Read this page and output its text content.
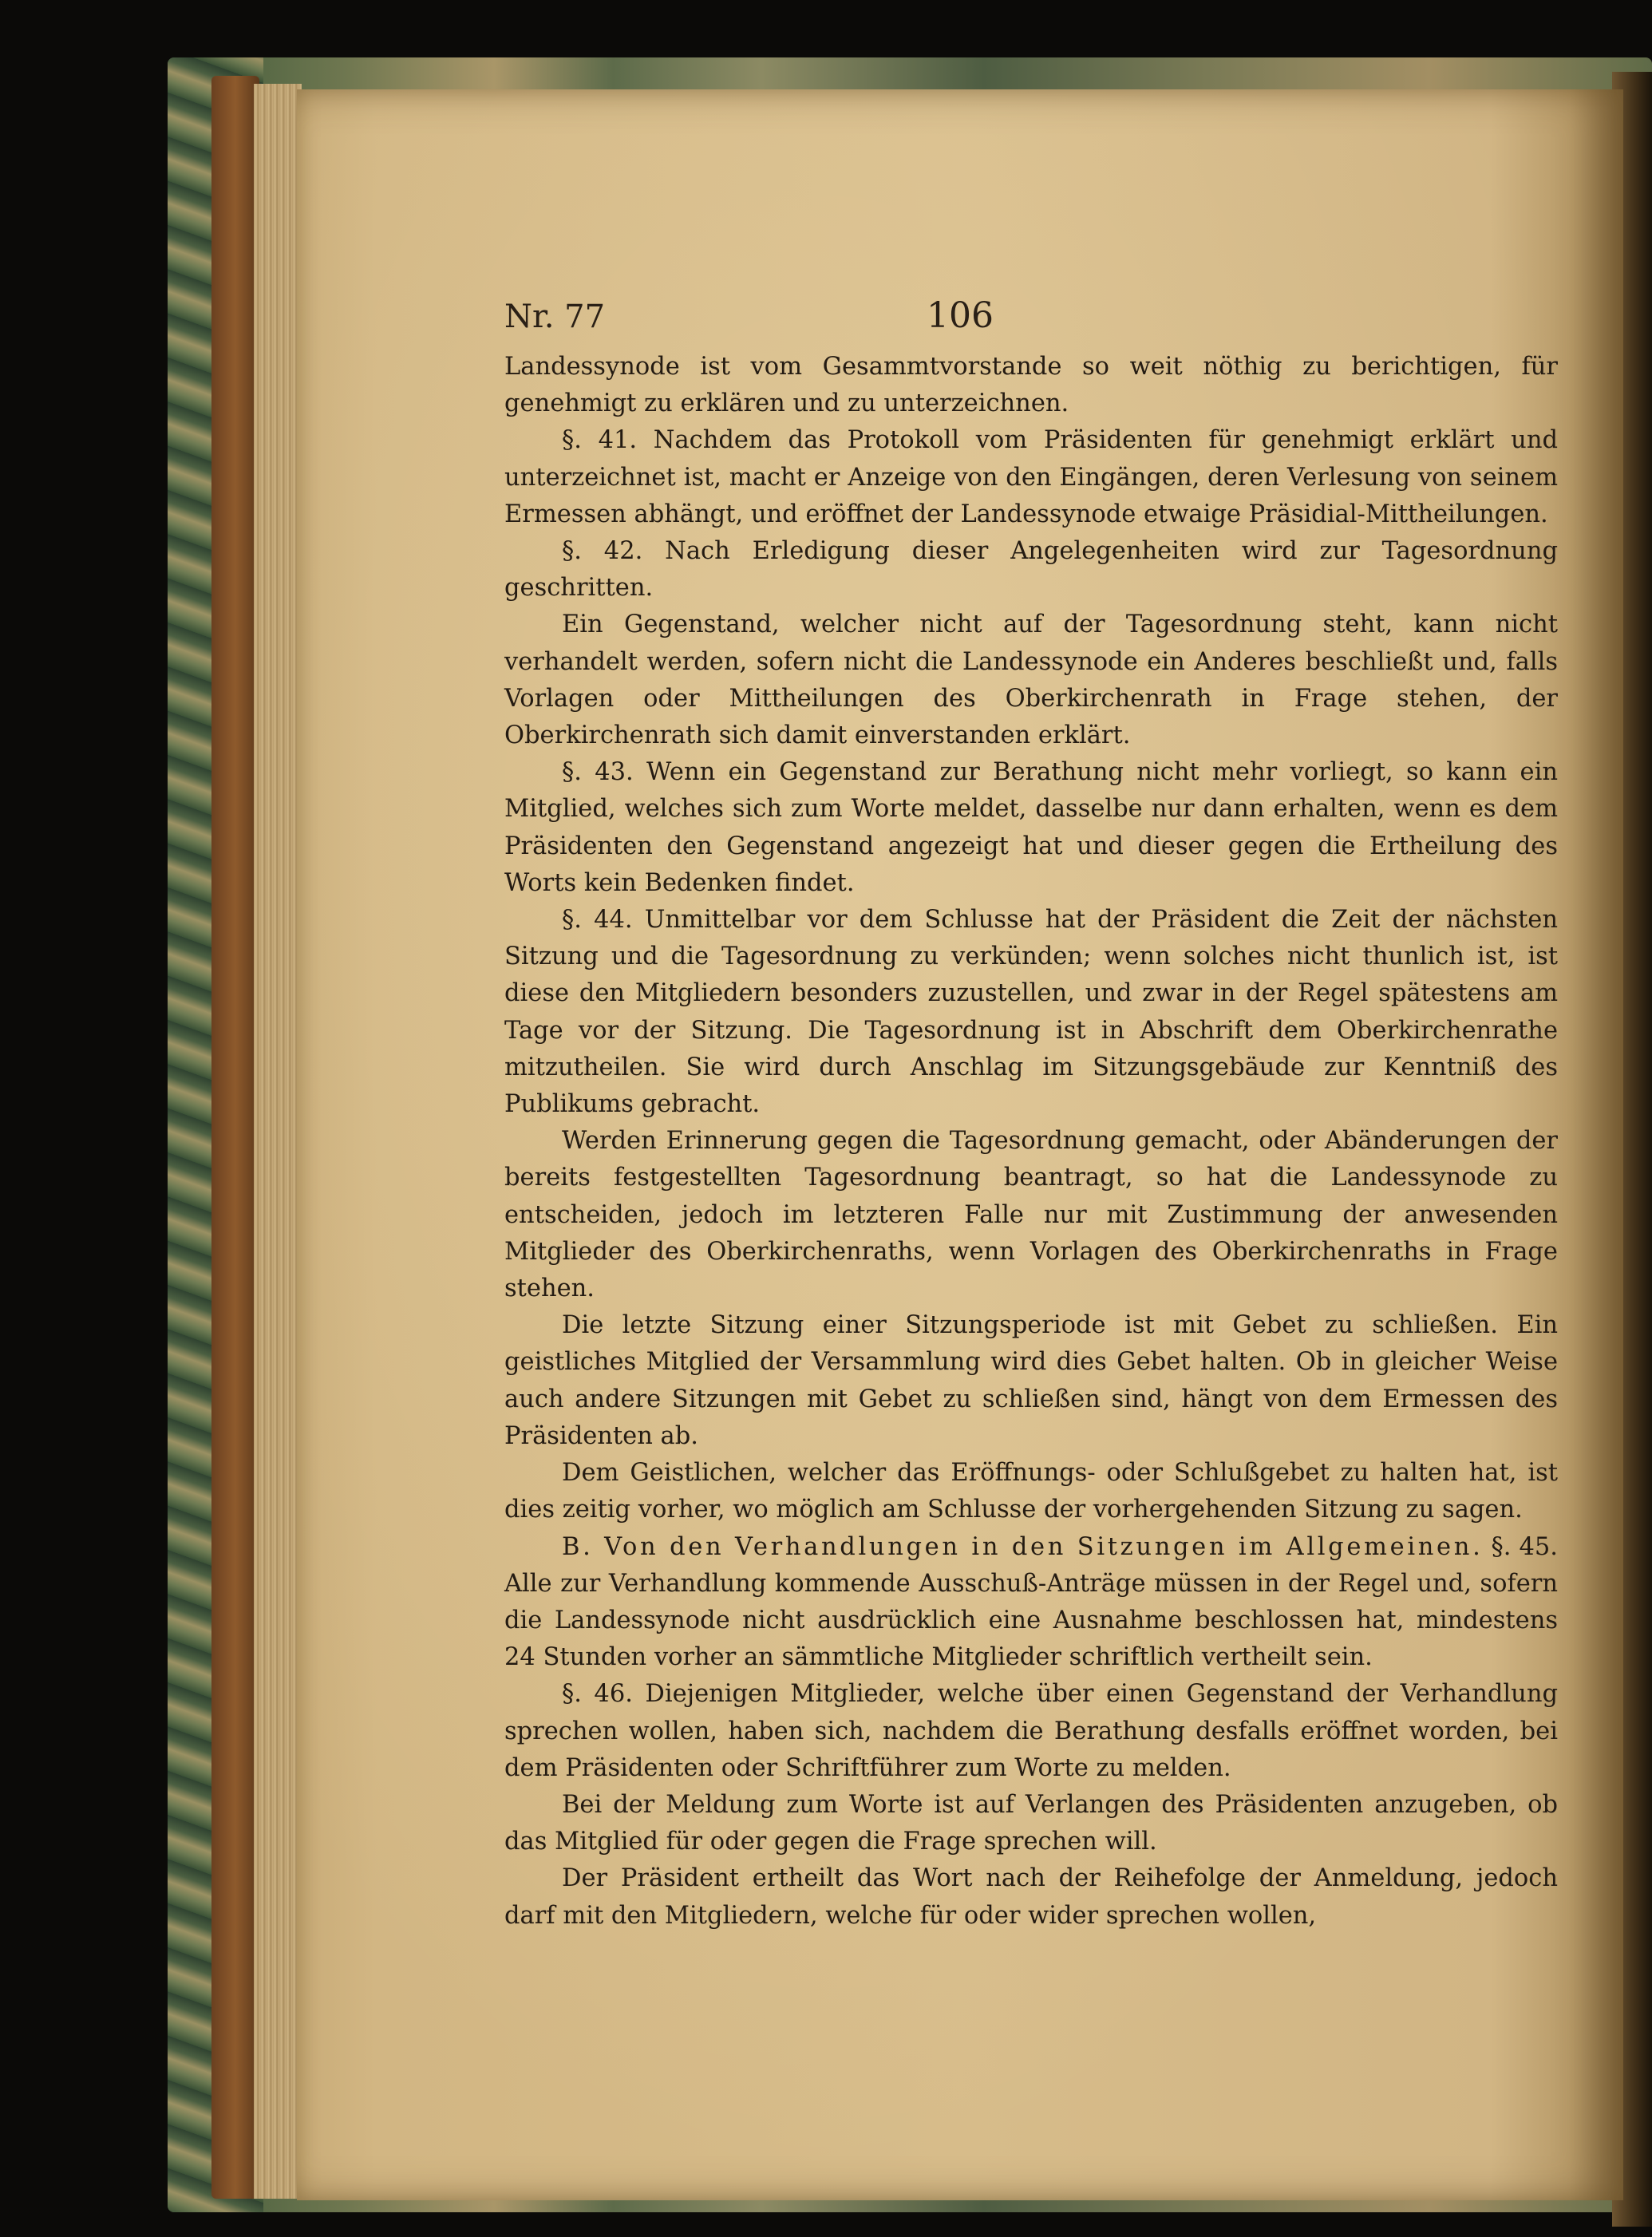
Nr. 77	106

Landessynode ist vom Gesammtvorstande so weit nöthig zu berichtigen, für genehmigt zu erklären und zu unterzeichnen.

§. 41. Nachdem das Protokoll vom Präsidenten für genehmigt erklärt und unterzeichnet ist, macht er Anzeige von den Eingängen, deren Verlesung von seinem Ermessen abhängt, und eröffnet der Landessynode etwaige Präsidial-Mittheilungen.

§. 42. Nach Erledigung dieser Angelegenheiten wird zur Tagesordnung geschritten.

Ein Gegenstand, welcher nicht auf der Tagesordnung steht, kann nicht verhandelt werden, sofern nicht die Landessynode ein Anderes beschließt und, falls Vorlagen oder Mittheilungen des Oberkirchenrath in Frage stehen, der Oberkirchenrath sich damit einverstanden erklärt.

§. 43. Wenn ein Gegenstand zur Berathung nicht mehr vorliegt, so kann ein Mitglied, welches sich zum Worte meldet, dasselbe nur dann erhalten, wenn es dem Präsidenten den Gegenstand angezeigt hat und dieser gegen die Ertheilung des Worts kein Bedenken findet.

§. 44. Unmittelbar vor dem Schlusse hat der Präsident die Zeit der nächsten Sitzung und die Tagesordnung zu verkünden; wenn solches nicht thunlich ist, ist diese den Mitgliedern besonders zuzustellen, und zwar in der Regel spätestens am Tage vor der Sitzung. Die Tagesordnung ist in Abschrift dem Oberkirchenrathe mitzutheilen. Sie wird durch Anschlag im Sitzungsgebäude zur Kenntniß des Publikums gebracht.

Werden Erinnerung gegen die Tagesordnung gemacht, oder Abänderungen der bereits festgestellten Tagesordnung beantragt, so hat die Landessynode zu entscheiden, jedoch im letzteren Falle nur mit Zustimmung der anwesenden Mitglieder des Oberkirchenraths, wenn Vorlagen des Oberkirchenraths in Frage stehen.

Die letzte Sitzung einer Sitzungsperiode ist mit Gebet zu schließen. Ein geistliches Mitglied der Versammlung wird dies Gebet halten. Ob in gleicher Weise auch andere Sitzungen mit Gebet zu schließen sind, hängt von dem Ermessen des Präsidenten ab.

Dem Geistlichen, welcher das Eröffnungs- oder Schlußgebet zu halten hat, ist dies zeitig vorher, wo möglich am Schlusse der vorhergehenden Sitzung zu sagen.

B. Von den Verhandlungen in den Sitzungen im Allgemeinen. §. 45. Alle zur Verhandlung kommende Ausschuß-Anträge müssen in der Regel und, sofern die Landessynode nicht ausdrücklich eine Ausnahme beschlossen hat, mindestens 24 Stunden vorher an sämmtliche Mitglieder schriftlich vertheilt sein.

§. 46. Diejenigen Mitglieder, welche über einen Gegenstand der Verhandlung sprechen wollen, haben sich, nachdem die Berathung desfalls eröffnet worden, bei dem Präsidenten oder Schriftführer zum Worte zu melden.

Bei der Meldung zum Worte ist auf Verlangen des Präsidenten anzugeben, ob das Mitglied für oder gegen die Frage sprechen will.

Der Präsident ertheilt das Wort nach der Reihefolge der Anmeldung, jedoch darf mit den Mitgliedern, welche für oder wider sprechen wollen,
